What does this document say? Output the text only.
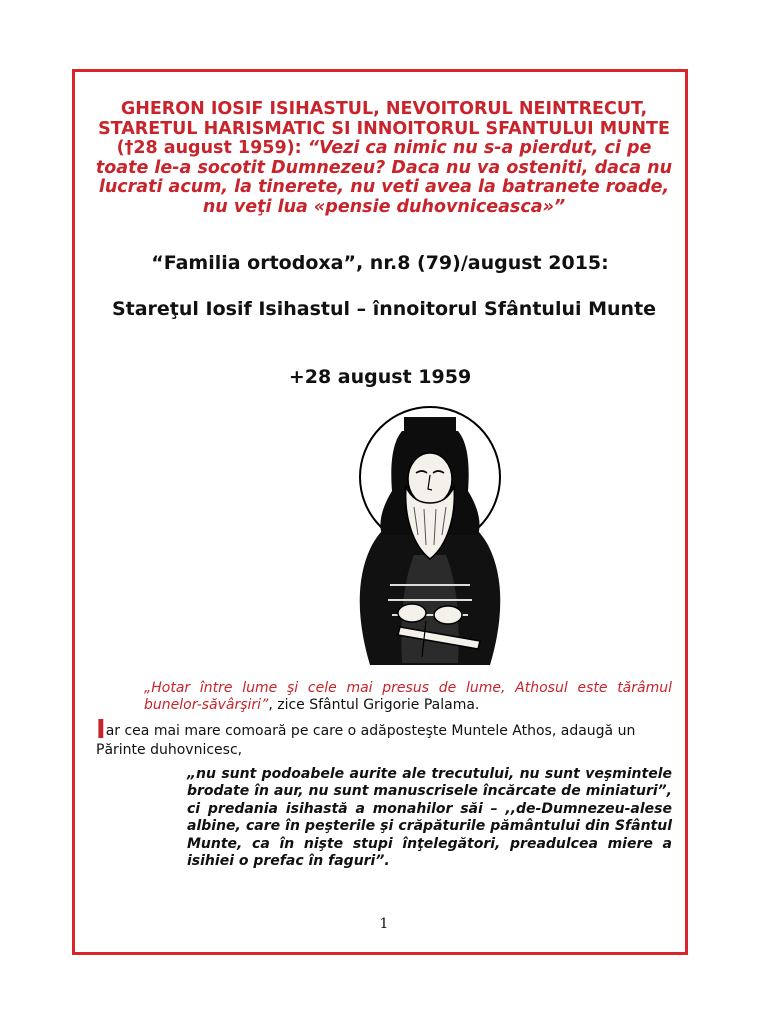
GHERON IOSIF ISIHASTUL, NEVOITORUL NEINTRECUT, STARETUL HARISMATIC SI INNOITORUL SFANTULUI MUNTE (†28 august 1959): “Vezi ca nimic nu s-a pierdut, ci pe toate le-a socotit Dumnezeu? Daca nu va osteniti, daca nu lucrati acum, la tinerete, nu veti avea la batranete roade, nu veţi lua «pensie duhovniceasca»”
“Familia ortodoxa”, nr.8 (79)/august 2015:
Stareţul Iosif Isihastul – înnoitorul Sfântului Munte
+28 august 1959
„Hotar între lume şi cele mai presus de lume, Athosul este tărâmul bunelor-săvârşiri”, zice Sfântul Grigorie Palama.
Iar cea mai mare comoară pe care o adăposteşte Muntele Athos, adaugă un Părinte duhovnicesc,
„nu sunt podoabele aurite ale trecutului, nu sunt veşmintele brodate în aur, nu sunt manuscrisele încărcate de miniaturi”, ci predania isihastă a monahilor săi – ,,de-Dumnezeu-alese albine, care în peşterile şi crăpăturile pământului din Sfântul Munte, ca în nişte stupi înţelegători, preadulcea miere a isihiei o prefac în faguri”.
1
